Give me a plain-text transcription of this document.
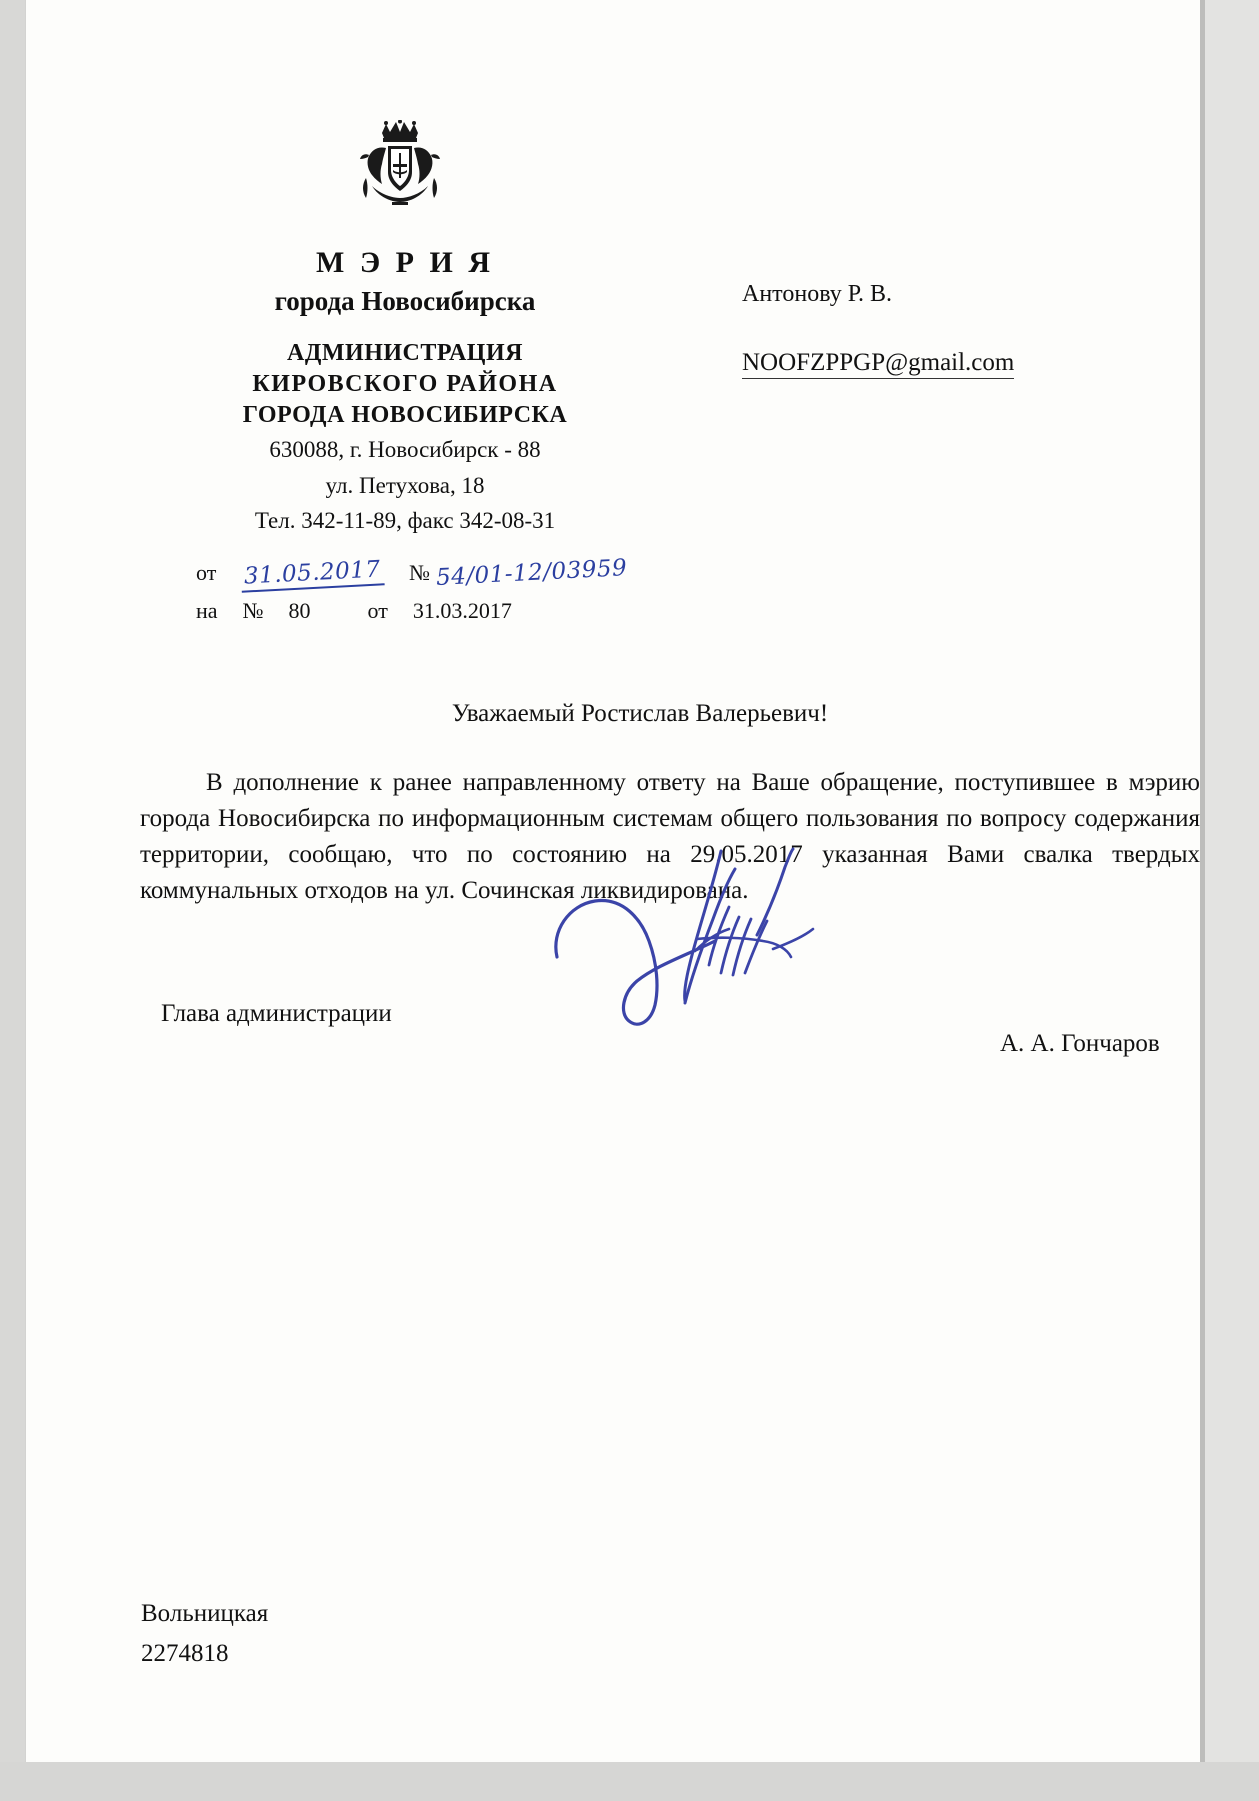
М Э Р И Я
города Новосибирска
АДМИНИСТРАЦИЯ
КИРОВСКОГО РАЙОНА
ГОРОДА НОВОСИБИРСКА
630088, г. Новосибирск - 88
ул. Петухова, 18
Тел. 342-11-89, факс 342-08-31
от 31.05.2017 № 54/01-12/03959
на № 80	от 31.03.2017
Антонову Р. В.
NOOFZPPGP@gmail.com
Уважаемый Ростислав Валерьевич!
В дополнение к ранее направленному ответу на Ваше обращение, поступившее в мэрию города Новосибирска по информационным системам общего пользования по вопросу содержания территории, сообщаю, что по состоянию на 29.05.2017 указанная Вами свалка твердых коммунальных отходов на ул. Сочинская ликвидирована.
Глава администрации
А. А. Гончаров
Вольницкая
2274818
